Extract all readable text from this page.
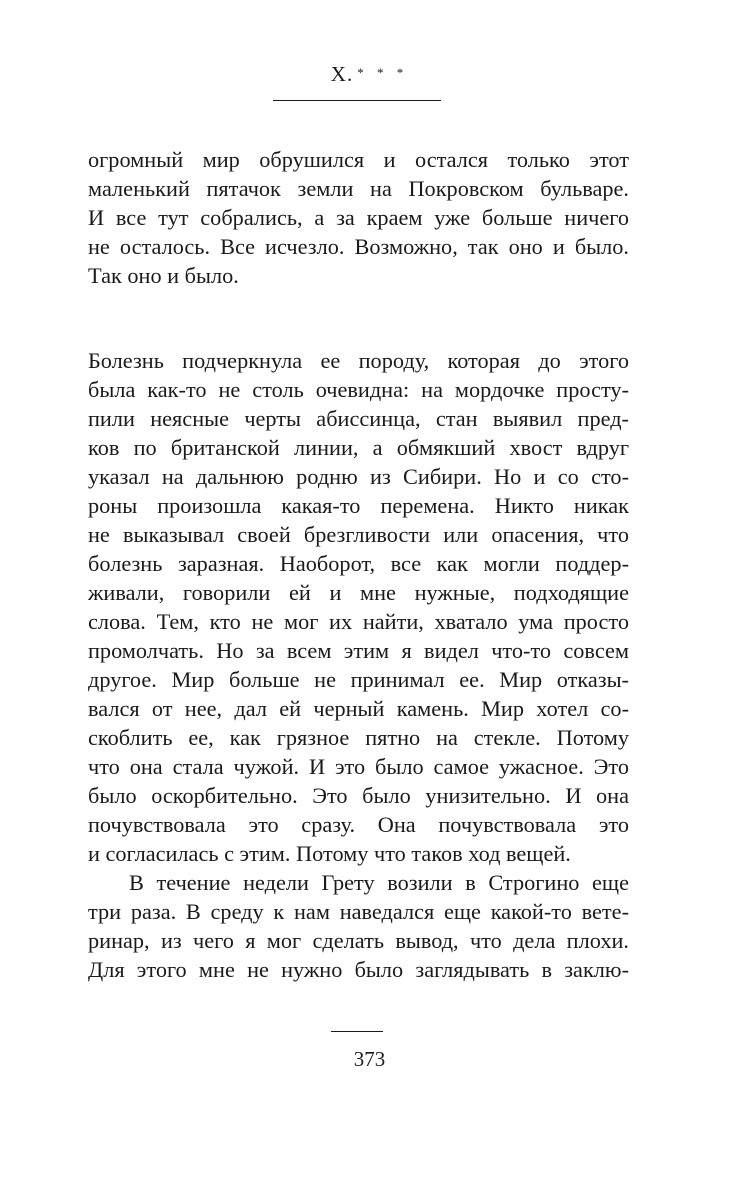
X. * * *
огромный мир обрушился и остался только этот
маленький пятачок земли на Покровском бульваре.
И все тут собрались, а за краем уже больше ничего
не осталось. Все исчезло. Возможно, так оно и было.
Так оно и было.
Болезнь подчеркнула ее породу, которая до этого
была как-то не столь очевидна: на мордочке просту-
пили неясные черты абиссинца, стан выявил пред-
ков по британской линии, а обмякший хвост вдруг
указал на дальнюю родню из Сибири. Но и со сто-
роны произошла какая-то перемена. Никто никак
не выказывал своей брезгливости или опасения, что
болезнь заразная. Наоборот, все как могли поддер-
живали, говорили ей и мне нужные, подходящие
слова. Тем, кто не мог их найти, хватало ума просто
промолчать. Но за всем этим я видел что-то совсем
другое. Мир больше не принимал ее. Мир отказы-
вался от нее, дал ей черный камень. Мир хотел со-
скоблить ее, как грязное пятно на стекле. Потому
что она стала чужой. И это было самое ужасное. Это
было оскорбительно. Это было унизительно. И она
почувствовала это сразу. Она почувствовала это
и согласилась с этим. Потому что таков ход вещей.
В течение недели Грету возили в Строгино еще
три раза. В среду к нам наведался еще какой-то вете-
ринар, из чего я мог сделать вывод, что дела плохи.
Для этого мне не нужно было заглядывать в заклю-
373
